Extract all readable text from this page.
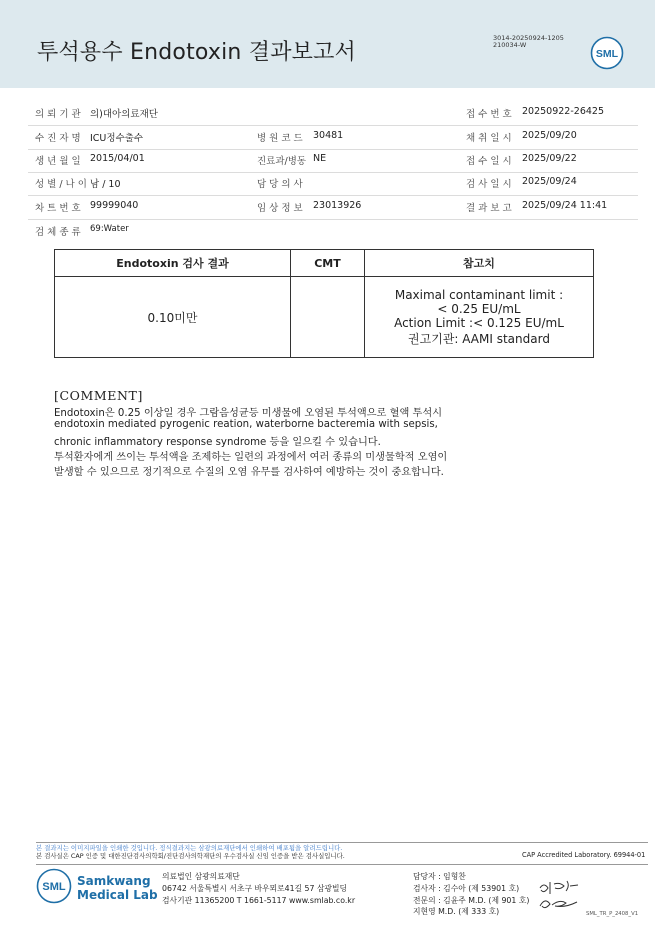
투석용수 Endotoxin 결과보고서
3014-20250924-1205
210034-W
SML
의뢰기관 의)대아의료재단	접수번호 20250922-26425
수진자명 ICU정수출수	병원코드 30481	채취일시 2025/09/20
생년월일 2015/04/01	진료과/병동 NE	접수일시 2025/09/22
성별/나이 남 / 10	담당의사	검사일시 2025/09/24
차트번호 99999040	임상정보 23013926	결과보고 2025/09/24 11:41
검체종류 69:Water
Endotoxin 검사 결과	CMT	참고치
0.10미만		Maximal contaminant limit :
< 0.25 EU/mL
Action Limit :< 0.125 EU/mL
권고기관: AAMI standard
[COMMENT]
Endotoxin은 0.25 이상일 경우 그람음성균등 미생물에 오염된 투석액으로 혈액 투석시
endotoxin mediated pyrogenic reation, waterborne bacteremia with sepsis,
chronic inflammatory response syndrome 등을 일으킬 수 있습니다.
투석환자에게 쓰이는 투석액을 조제하는 일련의 과정에서 여러 종류의 미생물학적 오염이
발생할 수 있으므로 정기적으로 수질의 오염 유무를 검사하여 예방하는 것이 중요합니다.
본 결과지는 이미지파일을 인쇄한 것입니다. 정식결과지는 삼광의료재단에서 인쇄하여 배포됨을 알려드립니다.
본 검사실은 CAP 인증 및 대한진단검사의학회/진단검사의학재단의 우수검사실 신임 인증을 받은 검사실입니다.	CAP Accredited Laboratory. 69944-01
SML Samkwang
Medical Lab
의료법인 삼광의료재단
06742 서울특별시 서초구 바우뫼로41길 57 삼광빌딩
검사기관 11365200 T 1661-5117 www.smlab.co.kr
담당자 : 임형찬
검사자 : 김수아 (제 53901 호)
전문의 : 김윤주 M.D. (제 901 호)
지현영 M.D. (제 333 호)	SML_TR_P_2408_V1
